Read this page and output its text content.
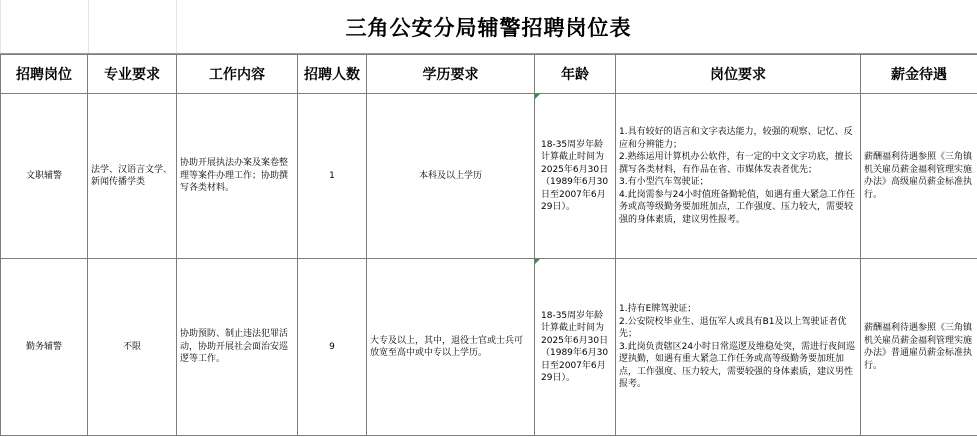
三角公安分局辅警招聘岗位表
招聘岗位	专业要求	工作内容	招聘人数	学历要求	年龄	岗位要求	薪金待遇
文职辅警	法学、汉语言文学、新闻传播学类	协助开展执法办案及案卷整理等案件办理工作；协助撰写各类材料。	1	本科及以上学历	18-35周岁年龄计算截止时间为2025年6月30日（1989年6月30日至2007年6月29日）。	1.具有较好的语言和文字表达能力，较强的观察、记忆、反应和分辨能力；
2.熟练运用计算机办公软件，有一定的中文文字功底，擅长撰写各类材料，有作品在省、市媒体发表者优先；
3.有小型汽车驾驶证；
4.此岗需参与24小时值班备勤轮值，如遇有重大紧急工作任务或高等级勤务要加班加点，工作强度、压力较大，需要较强的身体素质，建议男性报考。	薪酬福利待遇参照《三角镇机关雇员薪金福利管理实施办法》高级雇员薪金标准执行。
勤务辅警	不限	协助预防、制止违法犯罪活动，协助开展社会面治安巡逻等工作。	9	大专及以上，其中，退役士官或士兵可放宽至高中或中专以上学历。	18-35周岁年龄计算截止时间为2025年6月30日（1989年6月30日至2007年6月29日）。	1.持有E牌驾驶证；
2.公安院校毕业生、退伍军人或具有B1及以上驾驶证者优先；
3.此岗负责辖区24小时日常巡逻及维稳处突，需进行夜间巡逻执勤，如遇有重大紧急工作任务或高等级勤务要加班加点，工作强度、压力较大，需要较强的身体素质，建议男性报考。	薪酬福利待遇参照《三角镇机关雇员薪金福利管理实施办法》普通雇员薪金标准执行。
